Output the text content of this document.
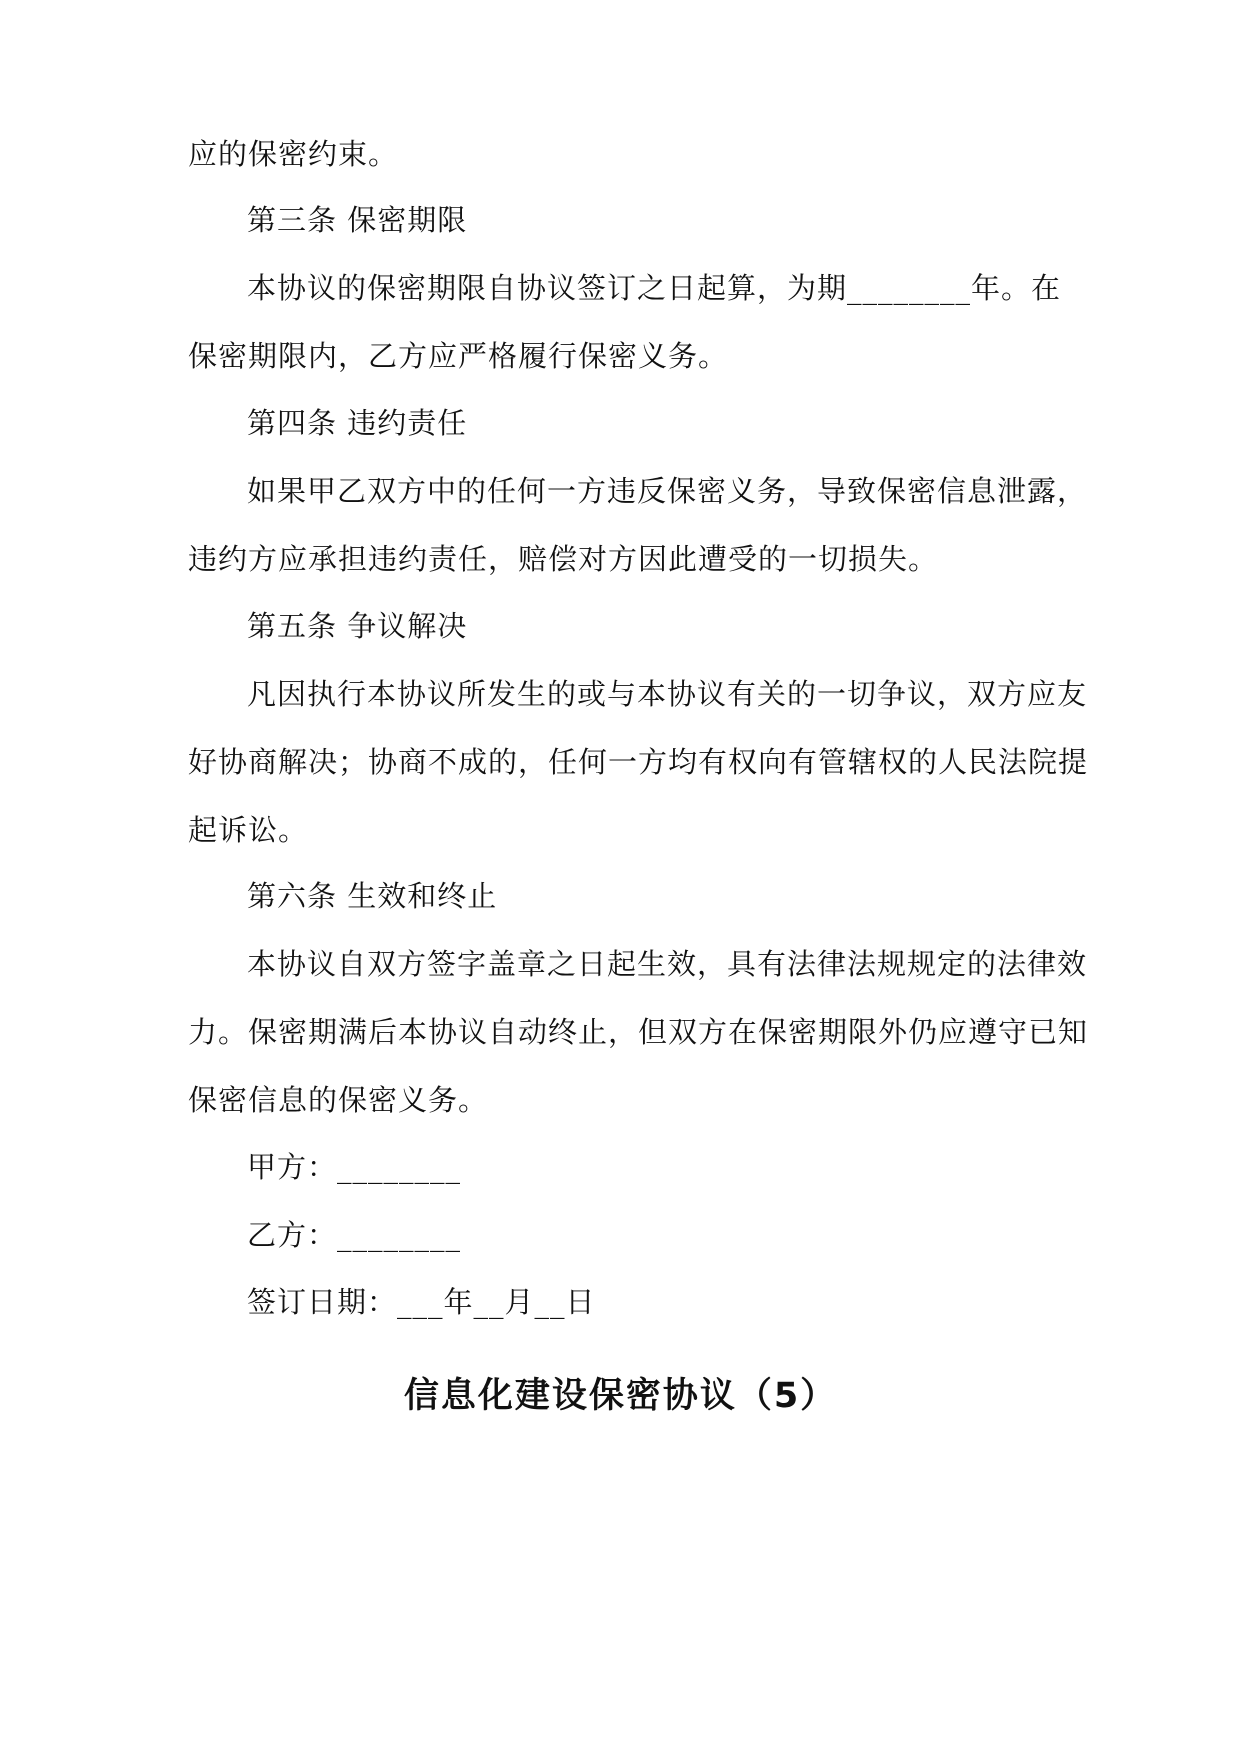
应的保密约束。
第三条 保密期限
本协议的保密期限自协议签订之日起算，为期________年。在
保密期限内，乙方应严格履行保密义务。
第四条 违约责任
如果甲乙双方中的任何一方违反保密义务，导致保密信息泄露，
违约方应承担违约责任，赔偿对方因此遭受的一切损失。
第五条 争议解决
凡因执行本协议所发生的或与本协议有关的一切争议，双方应友
好协商解决；协商不成的，任何一方均有权向有管辖权的人民法院提
起诉讼。
第六条 生效和终止
本协议自双方签字盖章之日起生效，具有法律法规规定的法律效
力。保密期满后本协议自动终止，但双方在保密期限外仍应遵守已知
保密信息的保密义务。
甲方：________
乙方：________
签订日期：___年__月__日
信息化建设保密协议（5）
